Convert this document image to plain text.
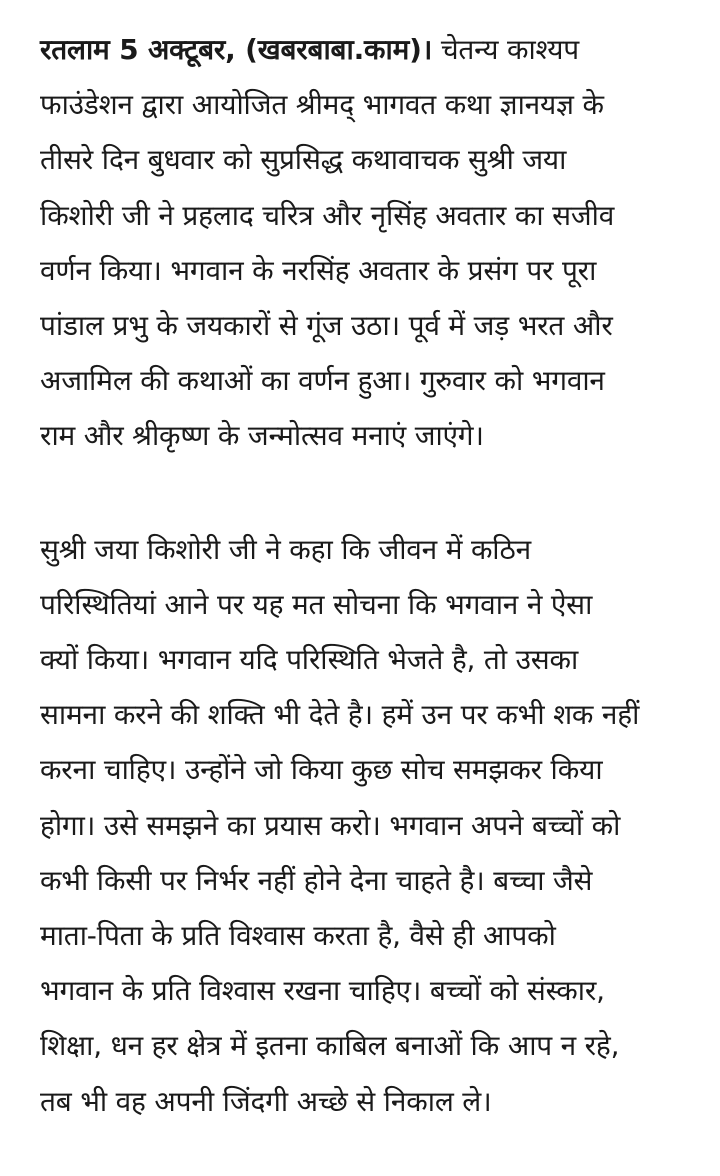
रतलाम 5 अक्टूबर, (खबरबाबा.काम)। चेतन्य काश्यप
फाउंडेशन द्वारा आयोजित श्रीमद् भागवत कथा ज्ञानयज्ञ के
तीसरे दिन बुधवार को सुप्रसिद्ध कथावाचक सुश्री जया
किशोरी जी ने प्रहलाद चरित्र और नृसिंह अवतार का सजीव
वर्णन किया। भगवान के नरसिंह अवतार के प्रसंग पर पूरा
पांडाल प्रभु के जयकारों से गूंज उठा। पूर्व में जड़ भरत और
अजामिल की कथाओं का वर्णन हुआ। गुरुवार को भगवान
राम और श्रीकृष्ण के जन्मोत्सव मनाएं जाएंगे।

सुश्री जया किशोरी जी ने कहा कि जीवन में कठिन
परिस्थितियां आने पर यह मत सोचना कि भगवान ने ऐसा
क्यों किया। भगवान यदि परिस्थिति भेजते है, तो उसका
सामना करने की शक्ति भी देते है। हमें उन पर कभी शक नहीं
करना चाहिए। उन्होंने जो किया कुछ सोच समझकर किया
होगा। उसे समझने का प्रयास करो। भगवान अपने बच्चों को
कभी किसी पर निर्भर नहीं होने देना चाहते है। बच्चा जैसे
माता-पिता के प्रति विश्वास करता है, वैसे ही आपको
भगवान के प्रति विश्वास रखना चाहिए। बच्चों को संस्कार,
शिक्षा, धन हर क्षेत्र में इतना काबिल बनाओं कि आप न रहे,
तब भी वह अपनी जिंदगी अच्छे से निकाल ले।
